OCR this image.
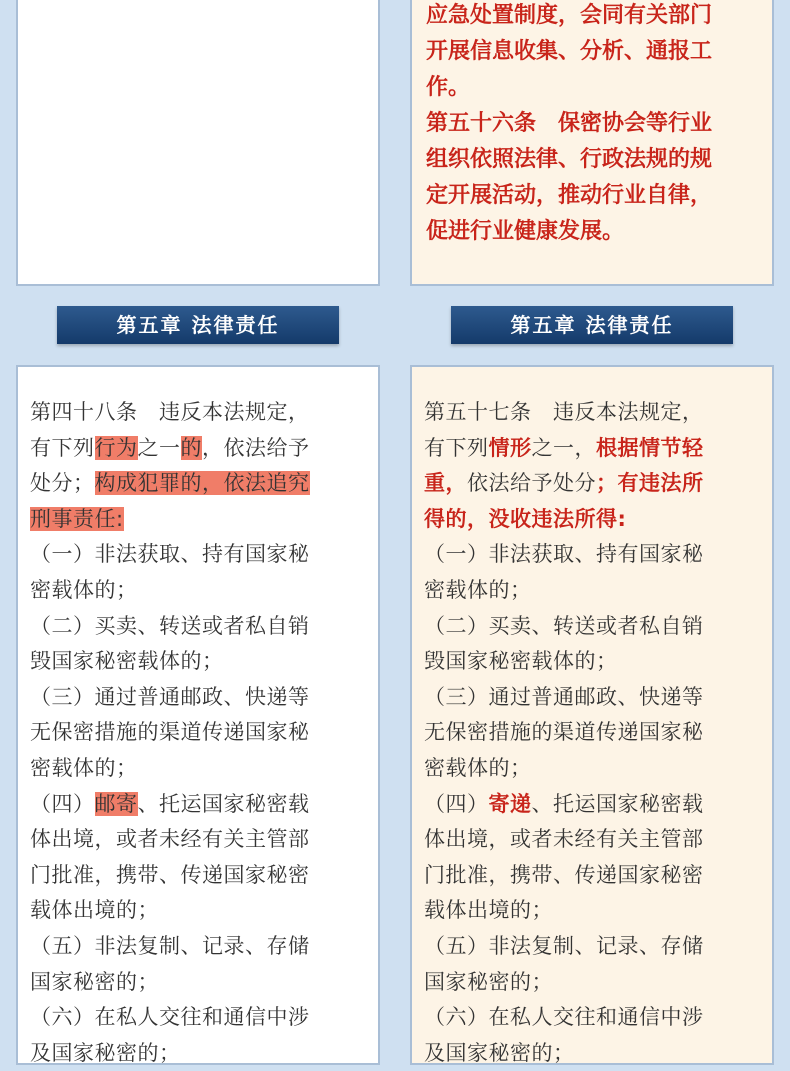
应急处置制度，会同有关部门

开展信息收集、分析、通报工

作。

第五十六条　保密协会等行业

组织依照法律、行政法规的规

定开展活动，推动行业自律，

促进行业健康发展。

第五章 法律责任	第五章 法律责任

第四十八条　违反本法规定，

有下列行为之一的，依法给予

处分；构成犯罪的，依法追究

刑事责任:

（一）非法获取、持有国家秘

密载体的；

（二）买卖、转送或者私自销

毁国家秘密载体的；

（三）通过普通邮政、快递等

无保密措施的渠道传递国家秘

密载体的；

（四）邮寄、托运国家秘密载

体出境，或者未经有关主管部

门批准，携带、传递国家秘密

载体出境的；

（五）非法复制、记录、存储

国家秘密的；

（六）在私人交往和通信中涉

及国家秘密的；

第五十七条　违反本法规定，

有下列情形之一，根据情节轻

重，依法给予处分；有违法所

得的，没收违法所得:

（一）非法获取、持有国家秘

密载体的；

（二）买卖、转送或者私自销

毁国家秘密载体的；

（三）通过普通邮政、快递等

无保密措施的渠道传递国家秘

密载体的；

（四）寄递、托运国家秘密载

体出境，或者未经有关主管部

门批准，携带、传递国家秘密

载体出境的；

（五）非法复制、记录、存储

国家秘密的；

（六）在私人交往和通信中涉

及国家秘密的；
